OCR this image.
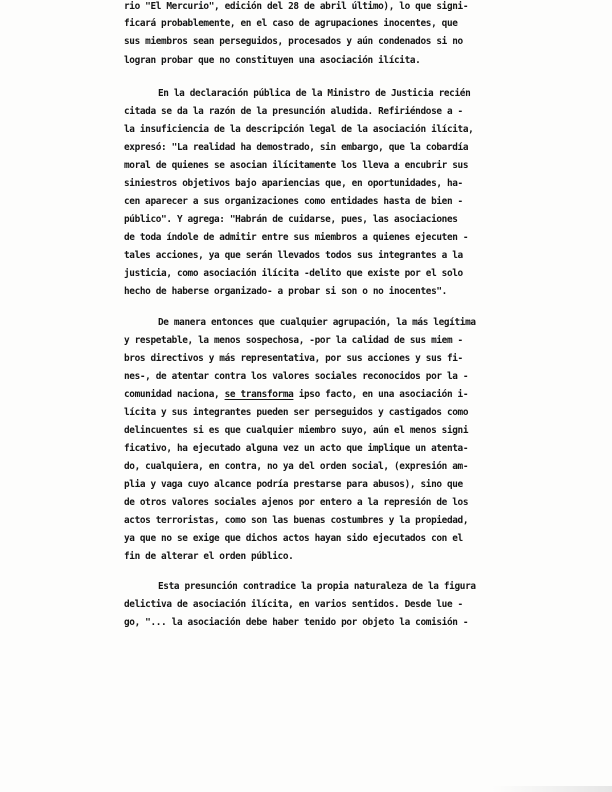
rio "El Mercurio", edición del 28 de abril último), lo que signi-
ficará probablemente, en el caso de agrupaciones inocentes, que
sus miembros sean perseguidos, procesados y aún condenados si no
logran probar que no constituyen una asociación ilícita.
En la declaración pública de la Ministro de Justicia recién
citada se da la razón de la presunción aludida. Refiriéndose a -
la insuficiencia de la descripción legal de la asociación ilícita,
expresó: "La realidad ha demostrado, sin embargo, que la cobardía
moral de quienes se asocian ilícitamente los lleva a encubrir sus
siniestros objetivos bajo apariencias que, en oportunidades, ha-
cen aparecer a sus organizaciones como entidades hasta de bien -
público". Y agrega: "Habrán de cuidarse, pues, las asociaciones
de toda índole de admitir entre sus miembros a quienes ejecuten -
tales acciones, ya que serán llevados todos sus integrantes a la
justicia, como asociación ilícita -delito que existe por el solo
hecho de haberse organizado- a probar si son o no inocentes".
De manera entonces que cualquier agrupación, la más legítima
y respetable, la menos sospechosa, -por la calidad de sus miem -
bros directivos y más representativa, por sus acciones y sus fi-
nes-, de atentar contra los valores sociales reconocidos por la -
comunidad naciona, se transforma ipso facto, en una asociación i-
lícita y sus integrantes pueden ser perseguidos y castigados como
delincuentes si es que cualquier miembro suyo, aún el menos signi
ficativo, ha ejecutado alguna vez un acto que implique un atenta-
do, cualquiera, en contra, no ya del orden social, (expresión am-
plia y vaga cuyo alcance podría prestarse para abusos), sino que
de otros valores sociales ajenos por entero a la represión de los
actos terroristas, como son las buenas costumbres y la propiedad,
ya que no se exige que dichos actos hayan sido ejecutados con el
fin de alterar el orden público.
Esta presunción contradice la propia naturaleza de la figura
delictiva de asociación ilícita, en varios sentidos. Desde lue -
go, "... la asociación debe haber tenido por objeto la comisión -
